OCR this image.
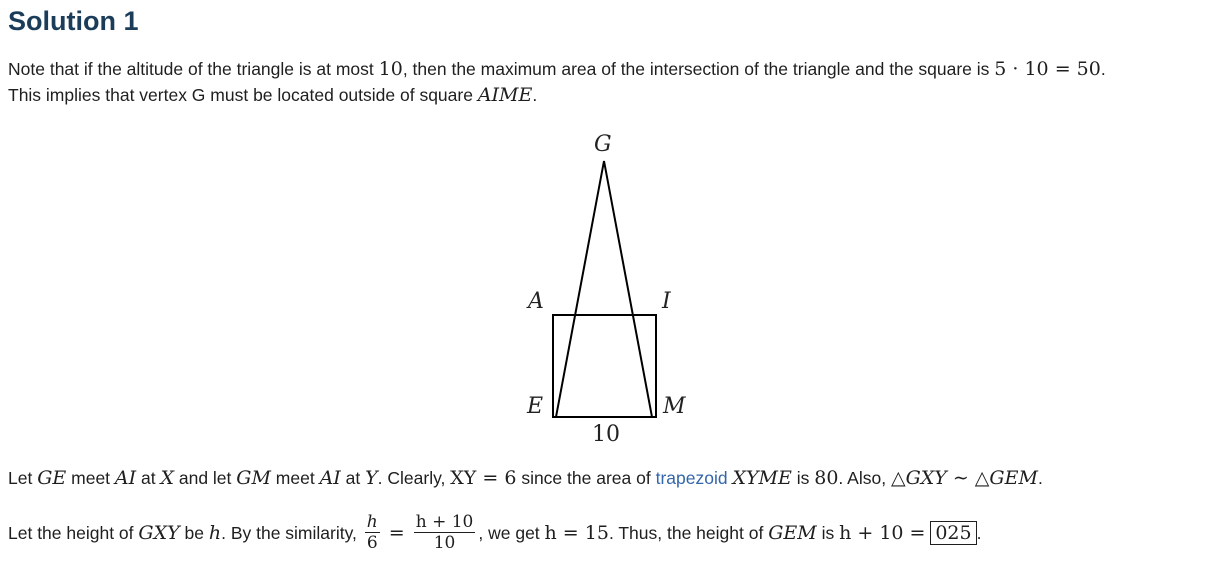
Solution 1
Note that if the altitude of the triangle is at most 10, then the maximum area of the intersection of the triangle and the square is 5 · 10 = 50.
This implies that vertex G must be located outside of square AIME.
G
A	I
E	M
10
Let GE meet AI at X and let GM meet AI at Y. Clearly, XY = 6 since the area of trapezoid XYME is 80. Also, △GXY ∼ △GEM.
Let the height of GXY be h. By the similarity, $\frac{h}{6} = \frac{h + 10}{10}$ , we get h = 15. Thus, the height of GEM is h + 10 = 025 .
